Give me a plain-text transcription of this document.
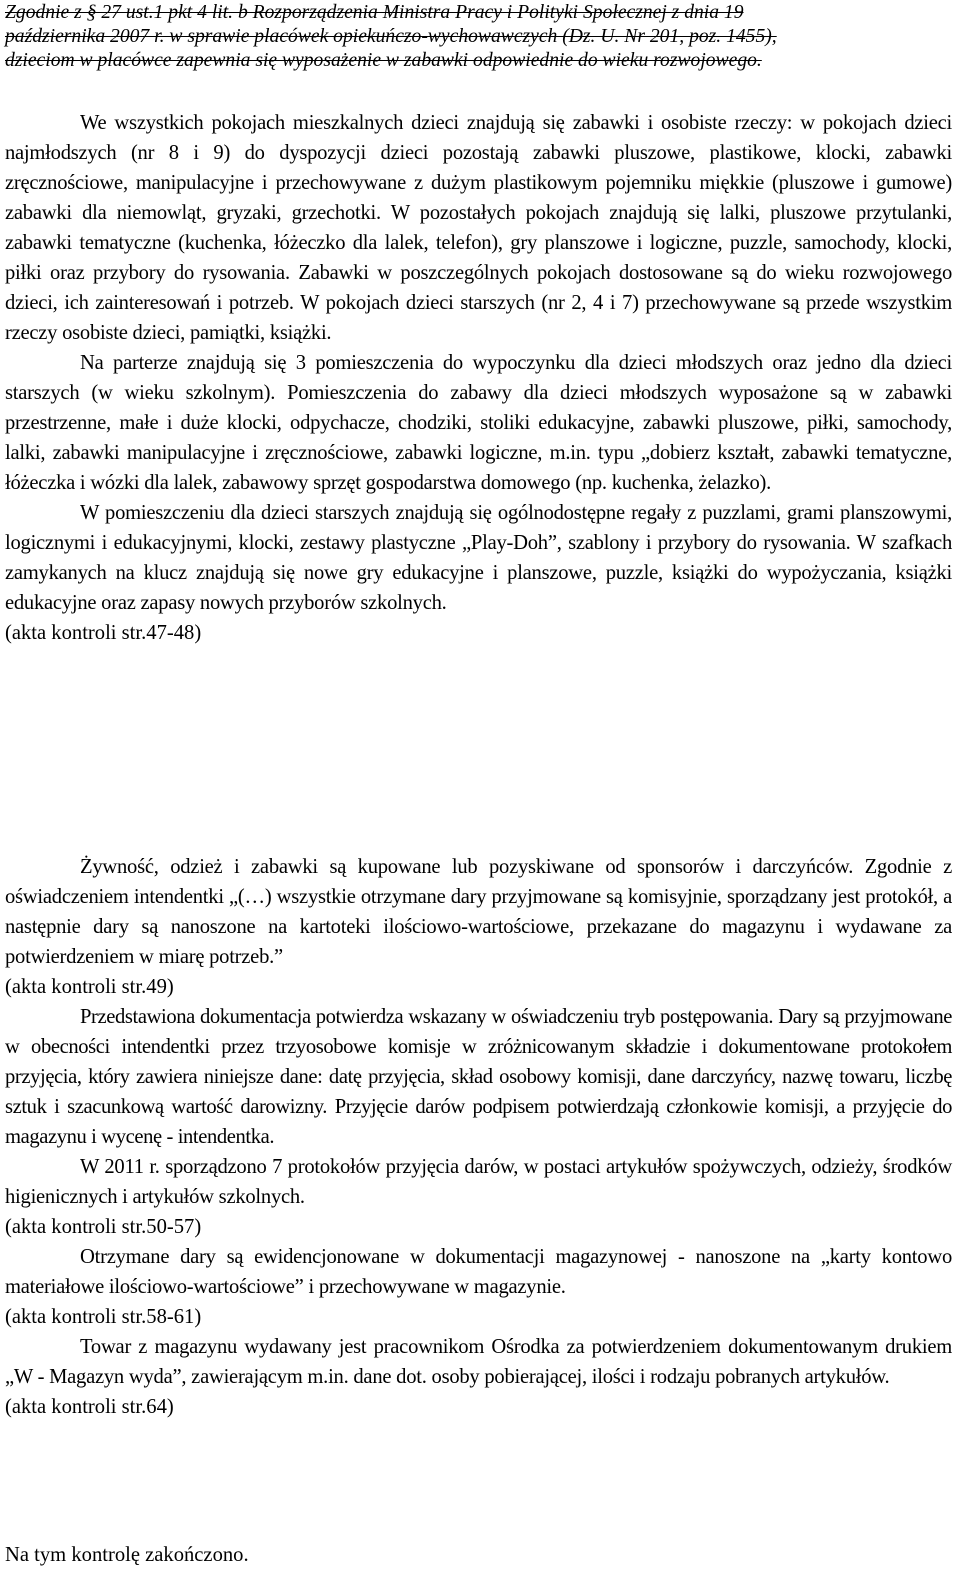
Zgodnie z § 27 ust.1 pkt 4 lit. b Rozporządzenia Ministra Pracy i Polityki Społecznej z dnia 19
października 2007 r. w sprawie placówek opiekuńczo-wychowawczych (Dz. U. Nr 201, poz. 1455),
dzieciom w placówce zapewnia się wyposażenie w zabawki odpowiednie do wieku rozwojowego.

We wszystkich pokojach mieszkalnych dzieci znajdują się zabawki i osobiste rzeczy: w pokojach dzieci najmłodszych (nr 8 i 9) do dyspozycji dzieci pozostają zabawki pluszowe, plastikowe, klocki, zabawki zręcznościowe, manipulacyjne i przechowywane z dużym plastikowym pojemniku miękkie (pluszowe i gumowe) zabawki dla niemowląt, gryzaki, grzechotki. W pozostałych pokojach znajdują się lalki, pluszowe przytulanki, zabawki tematyczne (kuchenka, łóżeczko dla lalek, telefon), gry planszowe i logiczne, puzzle, samochody, klocki, piłki oraz przybory do rysowania. Zabawki w poszczególnych pokojach dostosowane są do wieku rozwojowego dzieci, ich zainteresowań i potrzeb. W pokojach dzieci starszych (nr 2, 4 i 7) przechowywane są przede wszystkim rzeczy osobiste dzieci, pamiątki, książki.

Na parterze znajdują się 3 pomieszczenia do wypoczynku dla dzieci młodszych oraz jedno dla dzieci starszych (w wieku szkolnym). Pomieszczenia do zabawy dla dzieci młodszych wyposażone są w zabawki przestrzenne, małe i duże klocki, odpychacze, chodziki, stoliki edukacyjne, zabawki pluszowe, piłki, samochody, lalki, zabawki manipulacyjne i zręcznościowe, zabawki logiczne, m.in. typu „dobierz kształt, zabawki tematyczne, łóżeczka i wózki dla lalek, zabawowy sprzęt gospodarstwa domowego (np. kuchenka, żelazko).

W pomieszczeniu dla dzieci starszych znajdują się ogólnodostępne regały z puzzlami, grami planszowymi, logicznymi i edukacyjnymi, klocki, zestawy plastyczne „Play-Doh”, szablony i przybory do rysowania. W szafkach zamykanych na klucz znajdują się nowe gry edukacyjne i planszowe, puzzle, książki do wypożyczania, książki edukacyjne oraz zapasy nowych przyborów szkolnych.

(akta kontroli str.47-48)

Żywność, odzież i zabawki są kupowane lub pozyskiwane od sponsorów i darczyńców. Zgodnie z oświadczeniem intendentki „(…) wszystkie otrzymane dary przyjmowane są komisyjnie, sporządzany jest protokół, a następnie dary są nanoszone na kartoteki ilościowo-wartościowe, przekazane do magazynu i wydawane za potwierdzeniem w miarę potrzeb.”

(akta kontroli str.49)

Przedstawiona dokumentacja potwierdza wskazany w oświadczeniu tryb postępowania. Dary są przyjmowane w obecności intendentki przez trzyosobowe komisje w zróżnicowanym składzie i dokumentowane protokołem przyjęcia, który zawiera niniejsze dane: datę przyjęcia, skład osobowy komisji, dane darczyńcy, nazwę towaru, liczbę sztuk i szacunkową wartość darowizny. Przyjęcie darów podpisem potwierdzają członkowie komisji, a przyjęcie do magazynu i wycenę - intendentka.

W 2011 r. sporządzono 7 protokołów przyjęcia darów, w postaci artykułów spożywczych, odzieży, środków higienicznych i artykułów szkolnych.

(akta kontroli str.50-57)

Otrzymane dary są ewidencjonowane w dokumentacji magazynowej - nanoszone na „karty kontowo materiałowe ilościowo-wartościowe” i przechowywane w magazynie.

(akta kontroli str.58-61)

Towar z magazynu wydawany jest pracownikom Ośrodka za potwierdzeniem dokumentowanym drukiem „W - Magazyn wyda”, zawierającym m.in. dane dot. osoby pobierającej, ilości i rodzaju pobranych artykułów.

(akta kontroli str.64)

Na tym kontrolę zakończono.
